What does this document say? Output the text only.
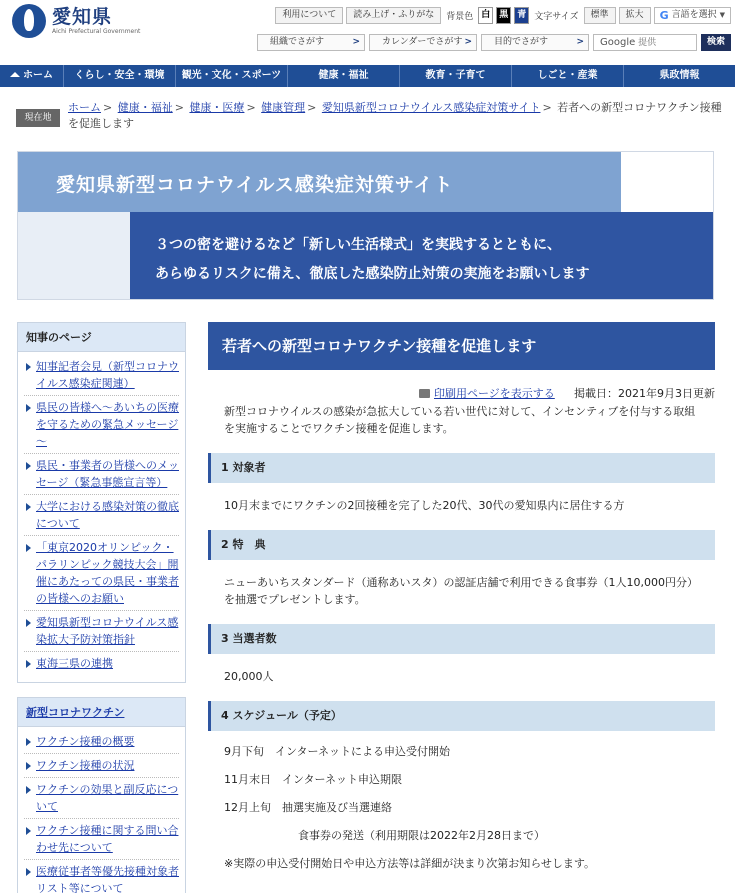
愛知県
Aichi Prefectural Government
利用について	読み上げ・ふりがな	背景色 白 黒 青 文字サイズ	標準	拡大	G 言語を選択 ▼
組織でさがす	>	カレンダーでさがす >	目的でさがす	>	Google 提供	検索
ホーム	くらし・安全・環境	観光・文化・スポーツ	健康・福祉	教育・子育て	しごと・産業	県政情報
現在地
ホーム > 健康・福祉 > 健康・医療 > 健康管理 > 愛知県新型コロナウイルス感染症対策サイト > 若者への新型コロナワクチン接種を促進します
愛知県新型コロナウイルス感染症対策サイト
３つの密を避けるなど「新しい生活様式」を実践するとともに、
あらゆるリスクに備え、徹底した感染防止対策の実施をお願いします
知事のページ
知事記者会見（新型コロナウイルス感染症関連）
県民の皆様へ～あいちの医療を守るための緊急メッセージ～
県民・事業者の皆様へのメッセージ（緊急事態宣言等）
大学における感染対策の徹底について
「東京2020オリンピック・パラリンピック競技大会」開催にあたっての県民・事業者の皆様へのお願い
愛知県新型コロナウイルス感染拡大予防対策指針
東海三県の連携
新型コロナワクチン
ワクチン接種の概要
ワクチン接種の状況
ワクチンの効果と副反応について
ワクチン接種に関する問い合わせ先について
医療従事者等優先接種対象者リスト等について
若者への新型コロナワクチン接種を促進します
印刷用ページを表示する 掲載日：2021年9月3日更新
新型コロナウイルスの感染が急拡大している若い世代に対して、インセンティブを付与する取組を実施することでワクチン接種を促進します。
1 対象者
10月末までにワクチンの2回接種を完了した20代、30代の愛知県内に居住する方
2 特　典
ニューあいちスタンダード（通称あいスタ）の認証店舗で利用できる食事券（1人10,000円分）を抽選でプレゼントします。
3 当選者数
20,000人
4 スケジュール（予定）

9月下旬　インターネットによる申込受付開始

11月末日　インターネット申込期限

12月上旬　抽選実施及び当選連絡

食事券の発送（利用期限は2022年2月28日まで）

※実際の申込受付開始日や申込方法等は詳細が決まり次第お知らせします。
